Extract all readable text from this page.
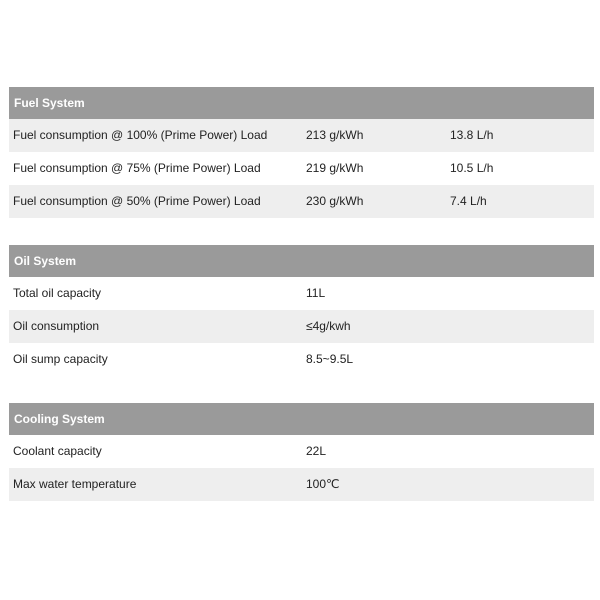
Fuel System
Fuel consumption @ 100% (Prime Power) Load	213 g/kWh	13.8 L/h
Fuel consumption @ 75% (Prime Power) Load	219 g/kWh	10.5 L/h
Fuel consumption @ 50% (Prime Power) Load	230 g/kWh	7.4 L/h
Oil System
Total oil capacity	11L
Oil consumption	≤4g/kwh
Oil sump capacity	8.5~9.5L
Cooling System
Coolant capacity	22L
Max water temperature	100℃
